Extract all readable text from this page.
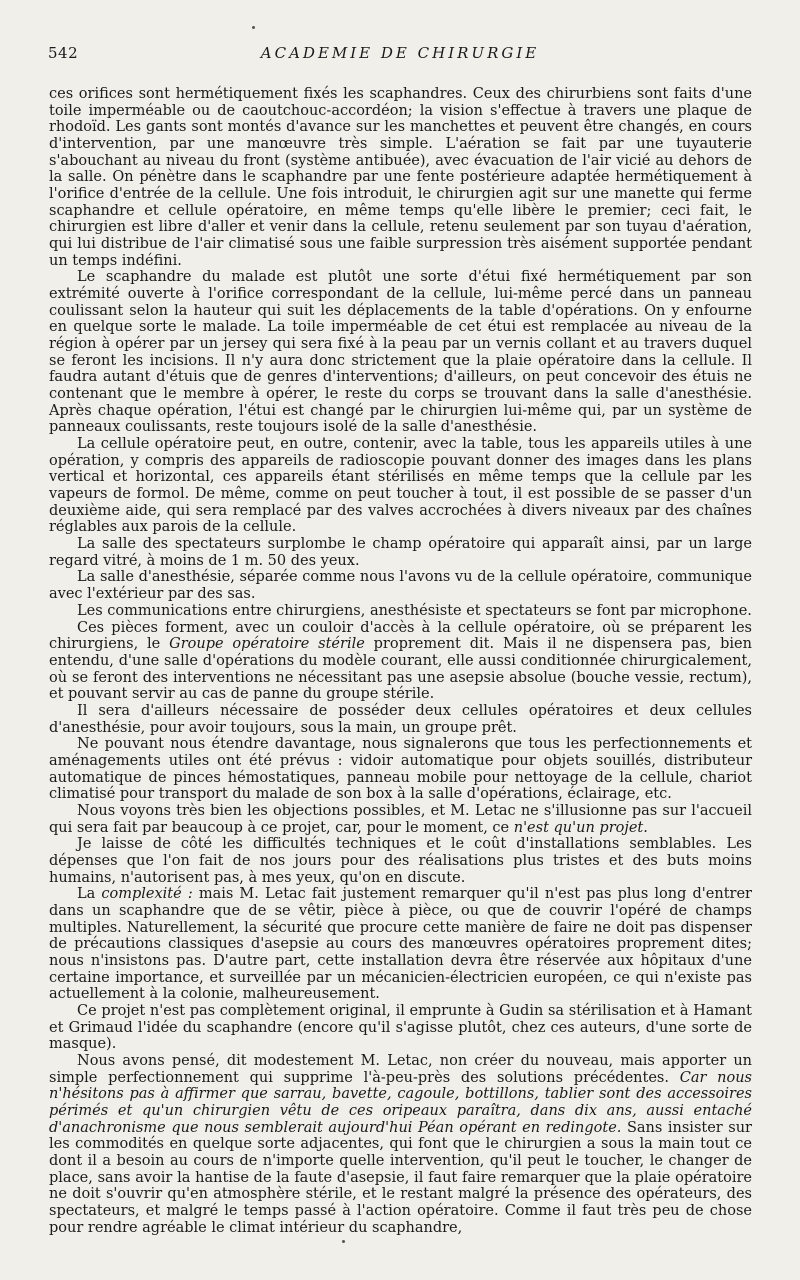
542	ACADEMIE DE CHIRURGIE

ces orifices sont hermétiquement fixés les scaphandres. Ceux des chirurbiens sont faits d'une toile imperméable ou de caoutchouc-accordéon; la vision s'effectue à travers une plaque de rhodoïd. Les gants sont montés d'avance sur les manchettes et peuvent être changés, en cours d'intervention, par une manœuvre très simple. L'aération se fait par une tuyauterie s'abouchant au niveau du front (système antibuée), avec évacuation de l'air vicié au dehors de la salle. On pénètre dans le scaphandre par une fente postérieure adaptée hermétiquement à l'orifice d'entrée de la cellule. Une fois introduit, le chirurgien agit sur une manette qui ferme scaphandre et cellule opératoire, en même temps qu'elle libère le premier; ceci fait, le chirurgien est libre d'aller et venir dans la cellule, retenu seulement par son tuyau d'aération, qui lui distribue de l'air climatisé sous une faible surpression très aisément supportée pendant un temps indéfini.

Le scaphandre du malade est plutôt une sorte d'étui fixé hermétiquement par son extrémité ouverte à l'orifice correspondant de la cellule, lui-même percé dans un panneau coulissant selon la hauteur qui suit les déplacements de la table d'opérations. On y enfourne en quelque sorte le malade. La toile imperméable de cet étui est remplacée au niveau de la région à opérer par un jersey qui sera fixé à la peau par un vernis collant et au travers duquel se feront les incisions. Il n'y aura donc strictement que la plaie opératoire dans la cellule. Il faudra autant d'étuis que de genres d'interventions; d'ailleurs, on peut concevoir des étuis ne contenant que le membre à opérer, le reste du corps se trouvant dans la salle d'anesthésie. Après chaque opération, l'étui est changé par le chirurgien lui-même qui, par un système de panneaux coulissants, reste toujours isolé de la salle d'anesthésie.

La cellule opératoire peut, en outre, contenir, avec la table, tous les appareils utiles à une opération, y compris des appareils de radioscopie pouvant donner des images dans les plans vertical et horizontal, ces appareils étant stérilisés en même temps que la cellule par les vapeurs de formol. De même, comme on peut toucher à tout, il est possible de se passer d'un deuxième aide, qui sera remplacé par des valves accrochées à divers niveaux par des chaînes réglables aux parois de la cellule.

La salle des spectateurs surplombe le champ opératoire qui apparaît ainsi, par un large regard vitré, à moins de 1 m. 50 des yeux.

La salle d'anesthésie, séparée comme nous l'avons vu de la cellule opératoire, communique avec l'extérieur par des sas.

Les communications entre chirurgiens, anesthésiste et spectateurs se font par microphone.

Ces pièces forment, avec un couloir d'accès à la cellule opératoire, où se préparent les chirurgiens, le Groupe opératoire stérile proprement dit. Mais il ne dispensera pas, bien entendu, d'une salle d'opérations du modèle courant, elle aussi conditionnée chirurgicalement, où se feront des interventions ne nécessitant pas une asepsie absolue (bouche vessie, rectum), et pouvant servir au cas de panne du groupe stérile.

Il sera d'ailleurs nécessaire de posséder deux cellules opératoires et deux cellules d'anesthésie, pour avoir toujours, sous la main, un groupe prêt.

Ne pouvant nous étendre davantage, nous signalerons que tous les perfectionnements et aménagements utiles ont été prévus : vidoir automatique pour objets souillés, distributeur automatique de pinces hémostatiques, panneau mobile pour nettoyage de la cellule, chariot climatisé pour transport du malade de son box à la salle d'opérations, éclairage, etc.

Nous voyons très bien les objections possibles, et M. Letac ne s'illusionne pas sur l'accueil qui sera fait par beaucoup à ce projet, car, pour le moment, ce n'est qu'un projet.

Je laisse de côté les difficultés techniques et le coût d'installations semblables. Les dépenses que l'on fait de nos jours pour des réalisations plus tristes et des buts moins humains, n'autorisent pas, à mes yeux, qu'on en discute.

La complexité : mais M. Letac fait justement remarquer qu'il n'est pas plus long d'entrer dans un scaphandre que de se vêtir, pièce à pièce, ou que de couvrir l'opéré de champs multiples. Naturellement, la sécurité que procure cette manière de faire ne doit pas dispenser de précautions classiques d'asepsie au cours des manœuvres opératoires proprement dites; nous n'insistons pas. D'autre part, cette installation devra être réservée aux hôpitaux d'une certaine importance, et surveillée par un mécanicien-électricien européen, ce qui n'existe pas actuellement à la colonie, malheureusement.

Ce projet n'est pas complètement original, il emprunte à Gudin sa stérilisation et à Hamant et Grimaud l'idée du scaphandre (encore qu'il s'agisse plutôt, chez ces auteurs, d'une sorte de masque).

Nous avons pensé, dit modestement M. Letac, non créer du nouveau, mais apporter un simple perfectionnement qui supprime l'à-peu-près des solutions précédentes. Car nous n'hésitons pas à affirmer que sarrau, bavette, cagoule, bottillons, tablier sont des accessoires périmés et qu'un chirurgien vêtu de ces oripeaux paraîtra, dans dix ans, aussi entaché d'anachronisme que nous semblerait aujourd'hui Péan opérant en redingote. Sans insister sur les commodités en quelque sorte adjacentes, qui font que le chirurgien a sous la main tout ce dont il a besoin au cours de n'importe quelle intervention, qu'il peut le toucher, le changer de place, sans avoir la hantise de la faute d'asepsie, il faut faire remarquer que la plaie opératoire ne doit s'ouvrir qu'en atmosphère stérile, et le restant malgré la présence des opérateurs, des spectateurs, et malgré le temps passé à l'action opératoire. Comme il faut très peu de chose pour rendre agréable le climat intérieur du scaphandre,
